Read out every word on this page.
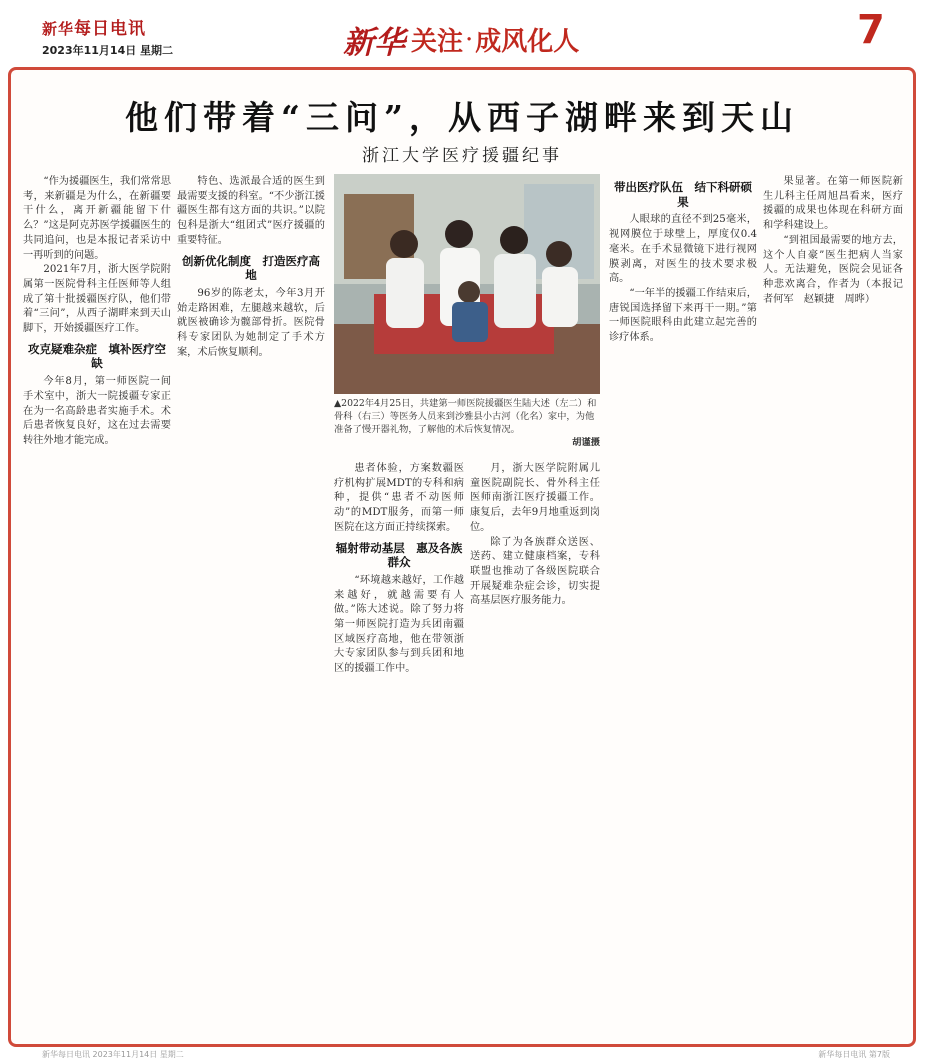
新华每日电讯
2023年11月14日 星期二	新华 关注 · 成风化人	7
他们带着“三问”，从西子湖畔来到天山
浙江大学医疗援疆纪事

“作为援疆医生，我们常常思考，来新疆是为什么，在新疆要干什么，离开新疆能留下什么？”这是阿克苏医学援疆医生的共同追问，也是本报记者采访中一再听到的问题。

2021年7月，浙大医学院附属第一医院骨科主任医师等人组成了第十批援疆医疗队，他们带着“三问”，从西子湖畔来到天山脚下，开始援疆医疗工作。

攻克疑难杂症　填补医疗空缺

今年8月，第一师医院一间手术室中，浙大一院援疆专家正在为一名高龄患者实施手术。术后患者恢复良好，这在过去需要转往外地才能完成。

特色、选派最合适的医生到最需要支援的科室。“不少浙江援疆医生都有这方面的共识。”以院包科是浙大“组团式”医疗援疆的重要特征。

创新优化制度　打造医疗高地

96岁的陈老太，今年3月开始走路困难，左腿越来越软，后就医被确诊为髋部骨折。医院骨科专家团队为她制定了手术方案，术后恢复顺利。

▲2022年4月25日，共建第一师医院援疆医生陆大述（左二）和骨科（右三）等医务人员来到沙雅县小古河（化名）家中，为他准备了慢开器礼物，了解他的术后恢复情况。
胡谨摄

患者体验，方案数疆医疗机构扩展MDT的专科和病种，提供“患者不动医师动”的MDT服务，而第一师医院在这方面正持续探索。

辐射带动基层　惠及各族群众

“环境越来越好，工作越来越好，就越需要有人做。”陈大述说。除了努力将第一师医院打造为兵团南疆区域医疗高地，他在带领浙大专家团队参与到兵团和地区的援疆工作中。

月，浙大医学院附属儿童医院副院长、骨外科主任医师南浙江医疗援疆工作。康复后，去年9月地重返到岗位。

除了为各族群众送医、送药、建立健康档案，专科联盟也推动了各级医院联合开展疑难杂症会诊，切实提高基层医疗服务能力。

带出医疗队伍　结下科研硕果

人眼球的直径不到25毫米，视网膜位于球壁上，厚度仅0.4毫米。在手术显微镜下进行视网膜剥离，对医生的技术要求极高。

“一年半的援疆工作结束后，唐锐国选择留下来再干一期。”第一师医院眼科由此建立起完善的诊疗体系。

果显著。在第一师医院新生儿科主任周旭昌看来，医疗援疆的成果也体现在科研方面和学科建设上。

“到祖国最需要的地方去，这个人自豪”医生把病人当家人。无法避免，医院会见证各种悲欢离合，作者为（本报记者何军　赵颖捷　周晔）

新华每日电讯 2023年11月14日 星期二	新华每日电讯 第7版
